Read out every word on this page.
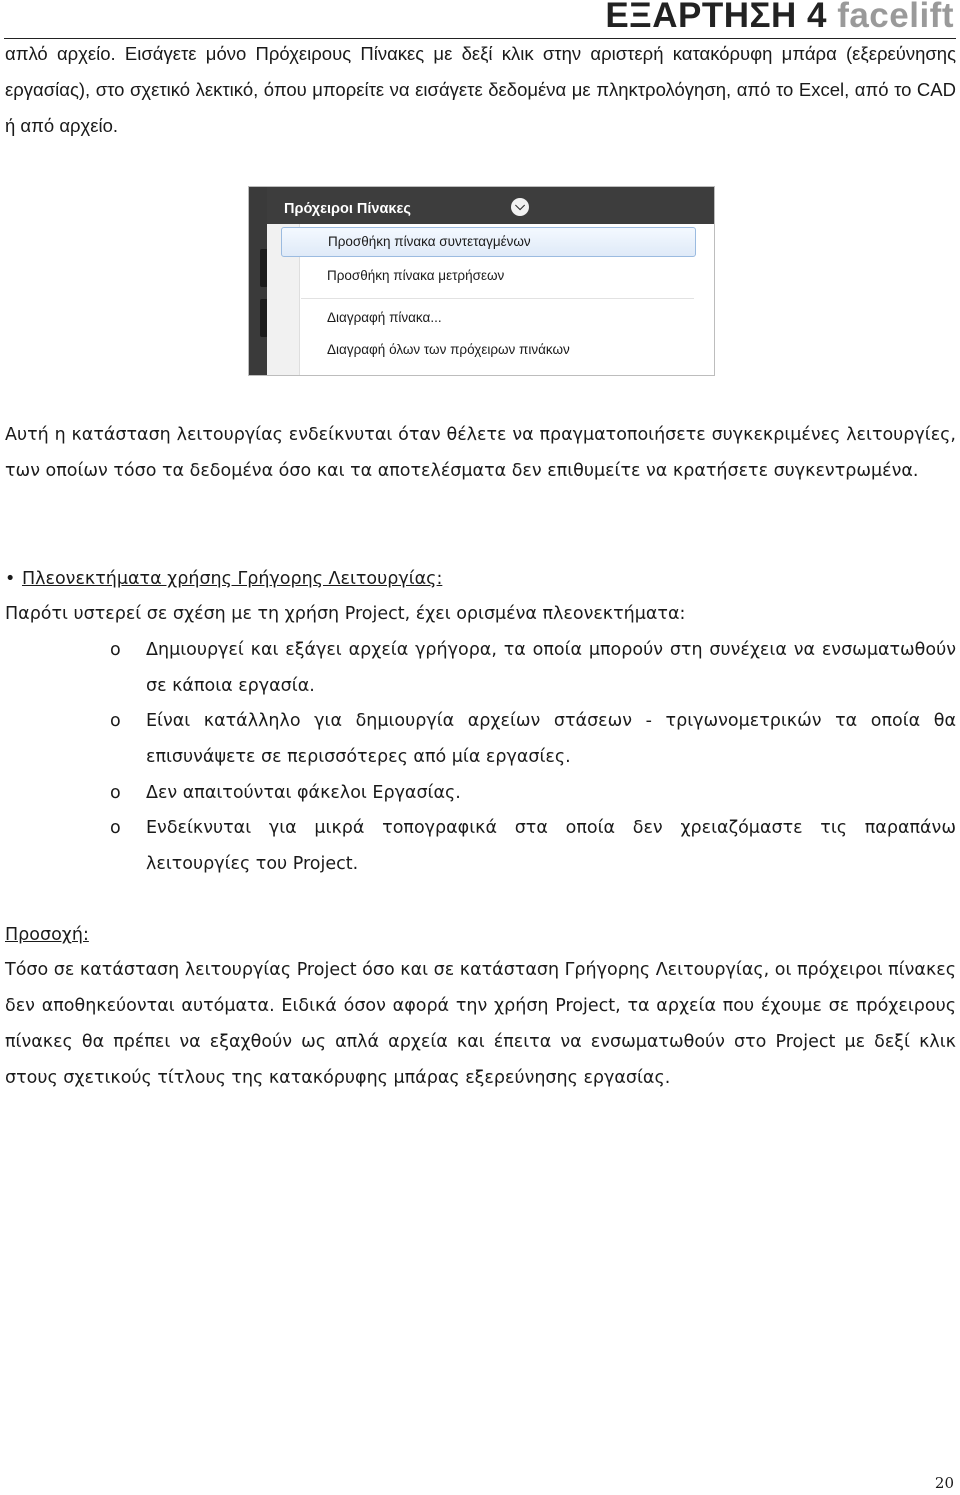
ΕΞΑΡΤΗΣΗ 4 facelift

απλό αρχείο. Εισάγετε μόνο Πρόχειρους Πίνακες με δεξί κλικ στην αριστερή κατακόρυφη μπάρα (εξερεύνησης εργασίας), στο σχετικό λεκτικό, όπου μπορείτε να εισάγετε δεδομένα με πληκτρολόγηση, από το Excel, από το CAD ή από αρχείο.

Πρόχειροι Πίνακες	⌵
Προσθήκη πίνακα συντεταγμένων
Προσθήκη πίνακα μετρήσεων
Διαγραφή πίνακα...
Διαγραφή όλων των πρόχειρων πινάκων

Αυτή η κατάσταση λειτουργίας ενδείκνυται όταν θέλετε να πραγματοποιήσετε συγκεκριμένες λειτουργίες, των οποίων τόσο τα δεδομένα όσο και τα αποτελέσματα δεν επιθυμείτε να κρατήσετε συγκεντρωμένα.

• Πλεονεκτήματα χρήσης Γρήγορης Λειτουργίας:
Παρότι υστερεί σε σχέση με τη χρήση Project, έχει ορισμένα πλεονεκτήματα:
o Δημιουργεί και εξάγει αρχεία γρήγορα, τα οποία μπορούν στη συνέχεια να ενσωματωθούν σε κάποια εργασία.
o Είναι κατάλληλο για δημιουργία αρχείων στάσεων - τριγωνομετρικών τα οποία θα επισυνάψετε σε περισσότερες από μία εργασίες.
o Δεν απαιτούνται φάκελοι Εργασίας.
o Ενδείκνυται για μικρά τοπογραφικά στα οποία δεν χρειαζόμαστε τις παραπάνω λειτουργίες του Project.
Προσοχή:

Τόσο σε κατάσταση λειτουργίας Project όσο και σε κατάσταση Γρήγορης Λειτουργίας, οι πρόχειροι πίνακες δεν αποθηκεύονται αυτόματα. Ειδικά όσον αφορά την χρήση Project, τα αρχεία που έχουμε σε πρόχειρους πίνακες θα πρέπει να εξαχθούν ως απλά αρχεία και έπειτα να ενσωματωθούν στο Project με δεξί κλικ στους σχετικούς τίτλους της κατακόρυφης μπάρας εξερεύνησης εργασίας.

20
